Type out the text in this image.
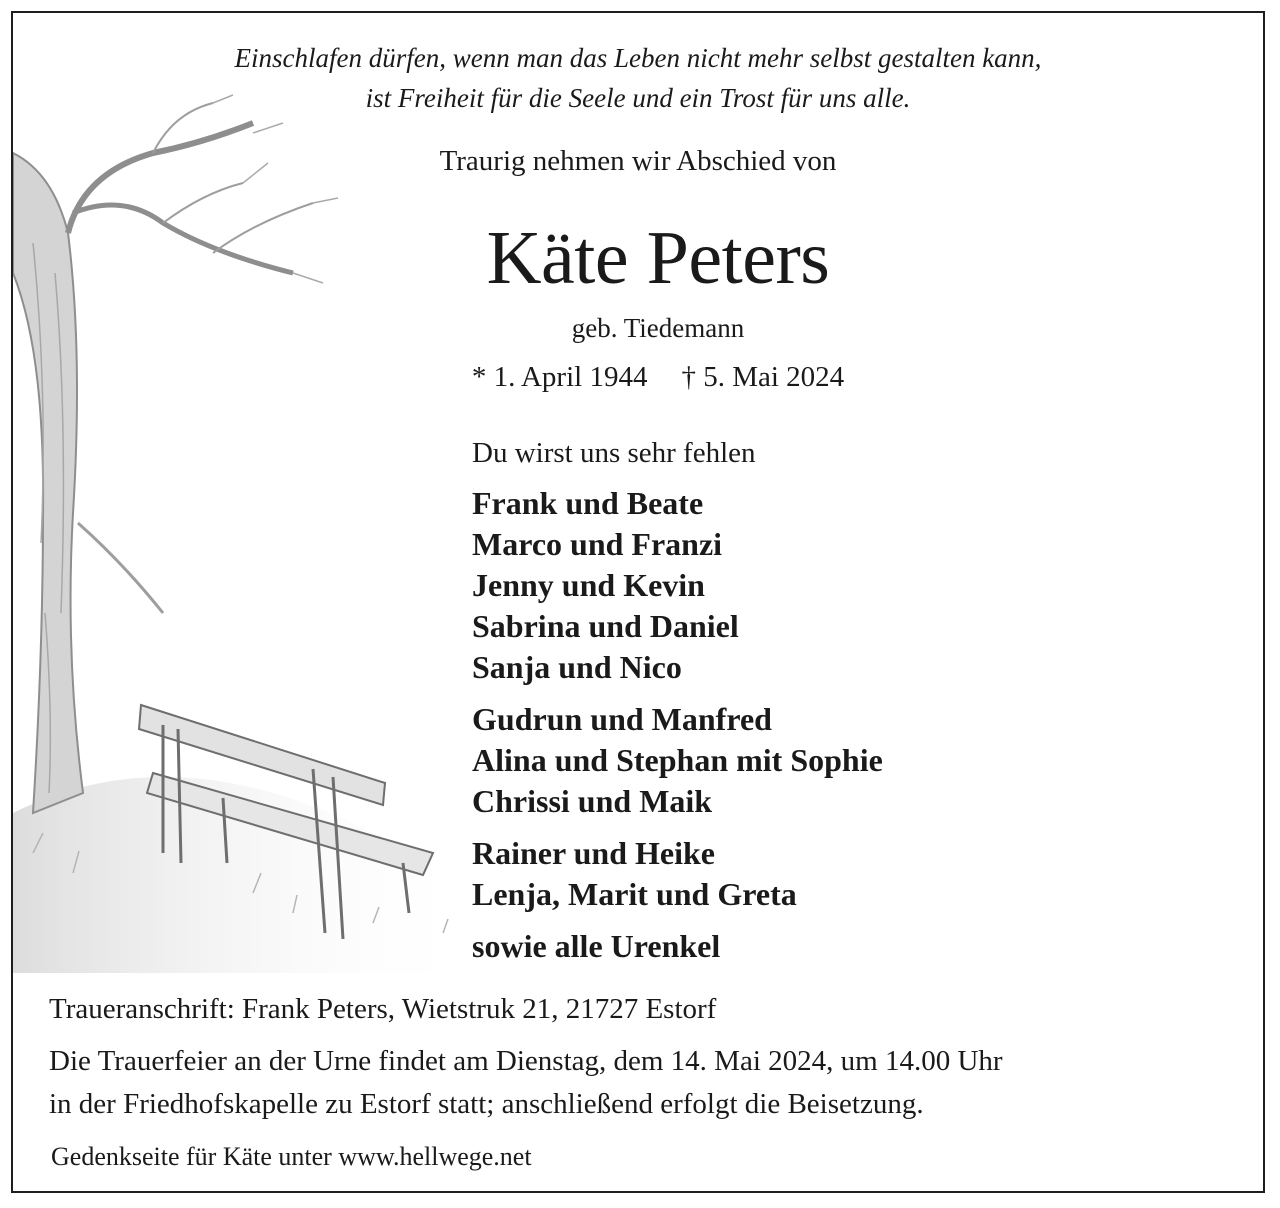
Einschlafen dürfen, wenn man das Leben nicht mehr selbst gestalten kann,
ist Freiheit für die Seele und ein Trost für uns alle.
Traurig nehmen wir Abschied von
Käte Peters
geb. Tiedemann
* 1. April 1944 † 5. Mai 2024
Du wirst uns sehr fehlen
Frank und Beate
Marco und Franzi
Jenny und Kevin
Sabrina und Daniel
Sanja und Nico
Gudrun und Manfred
Alina und Stephan mit Sophie
Chrissi und Maik
Rainer und Heike
Lenja, Marit und Greta
sowie alle Urenkel
Traueranschrift: Frank Peters, Wietstruk 21, 21727 Estorf
Die Trauerfeier an der Urne findet am Dienstag, dem 14. Mai 2024, um 14.00 Uhr
in der Friedhofskapelle zu Estorf statt; anschließend erfolgt die Beisetzung.
Gedenkseite für Käte unter www.hellwege.net
